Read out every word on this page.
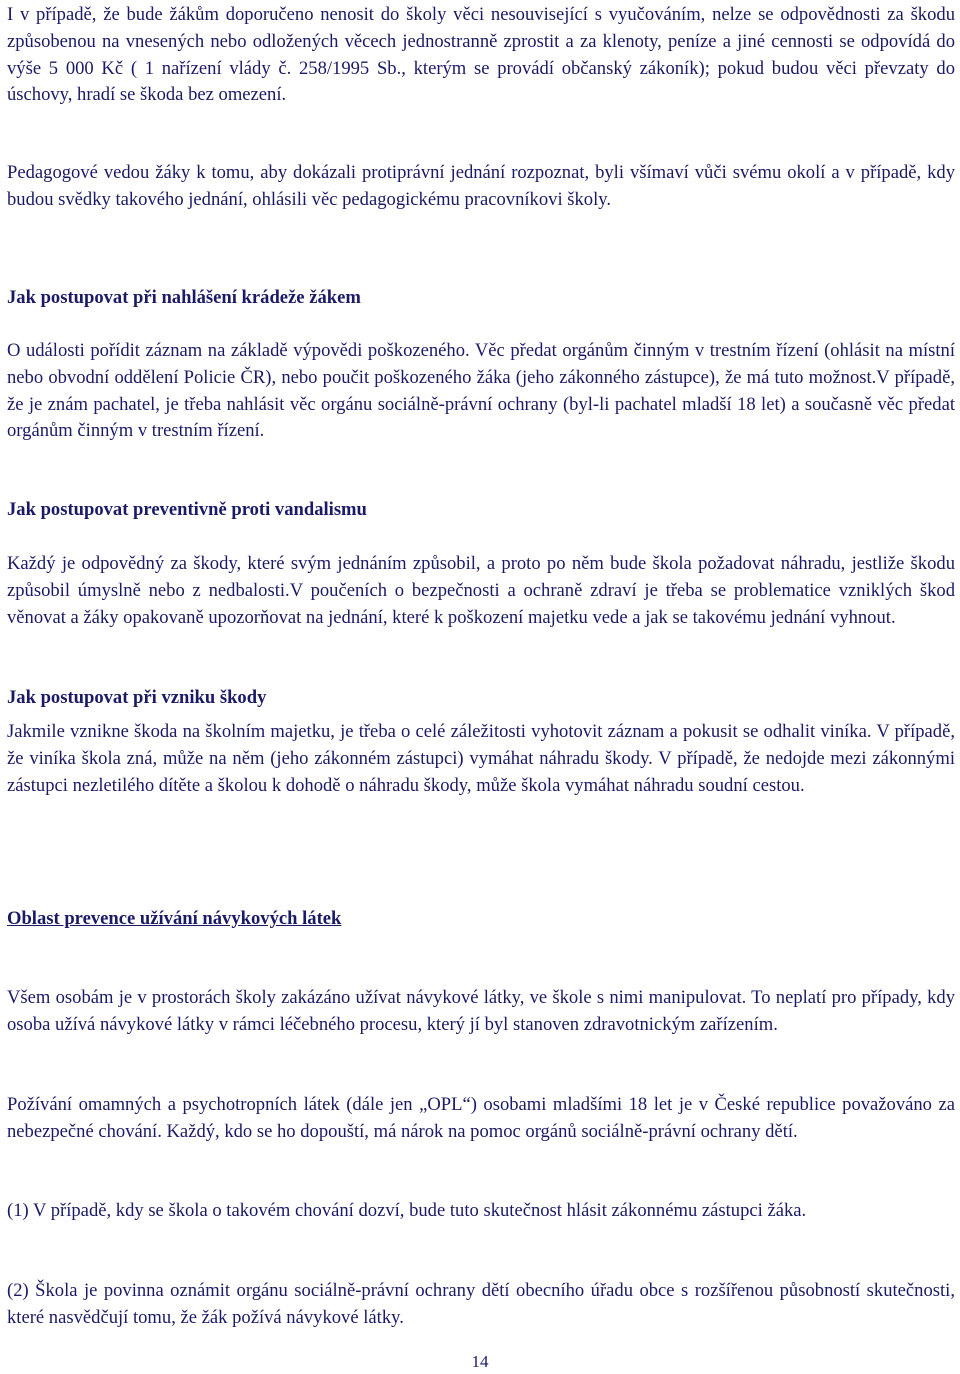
I v případě, že bude žákům doporučeno nenosit do školy věci nesouvisející s vyučováním, nelze se odpovědnosti za škodu způsobenou na vnesených nebo odložených věcech jednostranně zprostit a za klenoty, peníze a jiné cennosti se odpovídá do výše 5 000 Kč ( 1 nařízení vlády č. 258/1995 Sb., kterým se provádí občanský zákoník); pokud budou věci převzaty do úschovy, hradí se škoda bez omezení.

Pedagogové vedou žáky k tomu, aby dokázali protiprávní jednání rozpoznat, byli všímaví vůči svému okolí a v případě, kdy budou svědky takového jednání, ohlásili věc pedagogickému pracovníkovi školy.

Jak postupovat při nahlášení krádeže žákem

O události pořídit záznam na základě výpovědi poškozeného. Věc předat orgánům činným v trestním řízení (ohlásit na místní nebo obvodní oddělení Policie ČR), nebo poučit poškozeného žáka (jeho zákonného zástupce), že má tuto možnost.V případě, že je znám pachatel, je třeba nahlásit věc orgánu sociálně-právní ochrany (byl-li pachatel mladší 18 let) a současně věc předat orgánům činným v trestním řízení.

Jak postupovat preventivně proti vandalismu

Každý je odpovědný za škody, které svým jednáním způsobil, a proto po něm bude škola požadovat náhradu, jestliže škodu způsobil úmyslně nebo z nedbalosti.V poučeních o bezpečnosti a ochraně zdraví je třeba se problematice vzniklých škod věnovat a žáky opakovaně upozorňovat na jednání, které k poškození majetku vede a jak se takovému jednání vyhnout.

Jak postupovat při vzniku škody

Jakmile vznikne škoda na školním majetku, je třeba o celé záležitosti vyhotovit záznam a pokusit se odhalit viníka. V případě, že viníka škola zná, může na něm (jeho zákonném zástupci) vymáhat náhradu škody. V případě, že nedojde mezi zákonnými zástupci nezletilého dítěte a školou k dohodě o náhradu škody, může škola vymáhat náhradu soudní cestou.

Oblast prevence užívání návykových látek

Všem osobám je v prostorách školy zakázáno užívat návykové látky, ve škole s nimi manipulovat. To neplatí pro případy, kdy osoba užívá návykové látky v rámci léčebného procesu, který jí byl stanoven zdravotnickým zařízením.

Požívání omamných a psychotropních látek (dále jen „OPL“) osobami mladšími 18 let je v České republice považováno za nebezpečné chování. Každý, kdo se ho dopouští, má nárok na pomoc orgánů sociálně-právní ochrany dětí.

(1) V případě, kdy se škola o takovém chování dozví, bude tuto skutečnost hlásit zákonnému zástupci žáka.

(2) Škola je povinna oznámit orgánu sociálně-právní ochrany dětí obecního úřadu obce s rozšířenou působností skutečnosti, které nasvědčují tomu, že žák požívá návykové látky.

14
